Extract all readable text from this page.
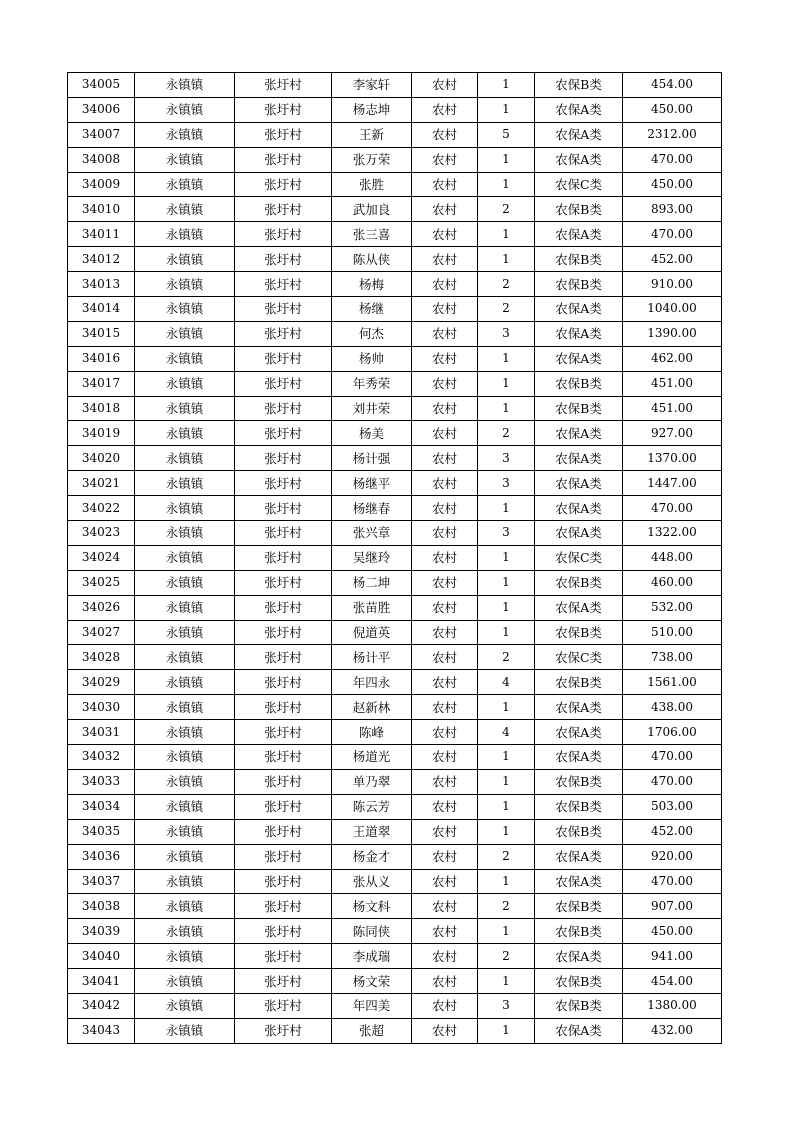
34005	永镇镇	张圩村	李家轩	农村	1	农保B类	454.00
34006	永镇镇	张圩村	杨志坤	农村	1	农保A类	450.00
34007	永镇镇	张圩村	王新	农村	5	农保A类	2312.00
34008	永镇镇	张圩村	张万荣	农村	1	农保A类	470.00
34009	永镇镇	张圩村	张胜	农村	1	农保C类	450.00
34010	永镇镇	张圩村	武加良	农村	2	农保B类	893.00
34011	永镇镇	张圩村	张三喜	农村	1	农保A类	470.00
34012	永镇镇	张圩村	陈从侠	农村	1	农保B类	452.00
34013	永镇镇	张圩村	杨梅	农村	2	农保B类	910.00
34014	永镇镇	张圩村	杨继	农村	2	农保A类	1040.00
34015	永镇镇	张圩村	何杰	农村	3	农保A类	1390.00
34016	永镇镇	张圩村	杨帅	农村	1	农保A类	462.00
34017	永镇镇	张圩村	年秀荣	农村	1	农保B类	451.00
34018	永镇镇	张圩村	刘井荣	农村	1	农保B类	451.00
34019	永镇镇	张圩村	杨美	农村	2	农保A类	927.00
34020	永镇镇	张圩村	杨计强	农村	3	农保A类	1370.00
34021	永镇镇	张圩村	杨继平	农村	3	农保A类	1447.00
34022	永镇镇	张圩村	杨继春	农村	1	农保A类	470.00
34023	永镇镇	张圩村	张兴章	农村	3	农保A类	1322.00
34024	永镇镇	张圩村	吴继玲	农村	1	农保C类	448.00
34025	永镇镇	张圩村	杨二坤	农村	1	农保B类	460.00
34026	永镇镇	张圩村	张苗胜	农村	1	农保A类	532.00
34027	永镇镇	张圩村	倪道英	农村	1	农保B类	510.00
34028	永镇镇	张圩村	杨计平	农村	2	农保C类	738.00
34029	永镇镇	张圩村	年四永	农村	4	农保B类	1561.00
34030	永镇镇	张圩村	赵新林	农村	1	农保A类	438.00
34031	永镇镇	张圩村	陈峰	农村	4	农保A类	1706.00
34032	永镇镇	张圩村	杨道光	农村	1	农保A类	470.00
34033	永镇镇	张圩村	单乃翠	农村	1	农保B类	470.00
34034	永镇镇	张圩村	陈云芳	农村	1	农保B类	503.00
34035	永镇镇	张圩村	王道翠	农村	1	农保B类	452.00
34036	永镇镇	张圩村	杨金才	农村	2	农保A类	920.00
34037	永镇镇	张圩村	张从义	农村	1	农保A类	470.00
34038	永镇镇	张圩村	杨文科	农村	2	农保B类	907.00
34039	永镇镇	张圩村	陈同侠	农村	1	农保B类	450.00
34040	永镇镇	张圩村	李成瑞	农村	2	农保A类	941.00
34041	永镇镇	张圩村	杨文荣	农村	1	农保B类	454.00
34042	永镇镇	张圩村	年四美	农村	3	农保B类	1380.00
34043	永镇镇	张圩村	张超	农村	1	农保A类	432.00
